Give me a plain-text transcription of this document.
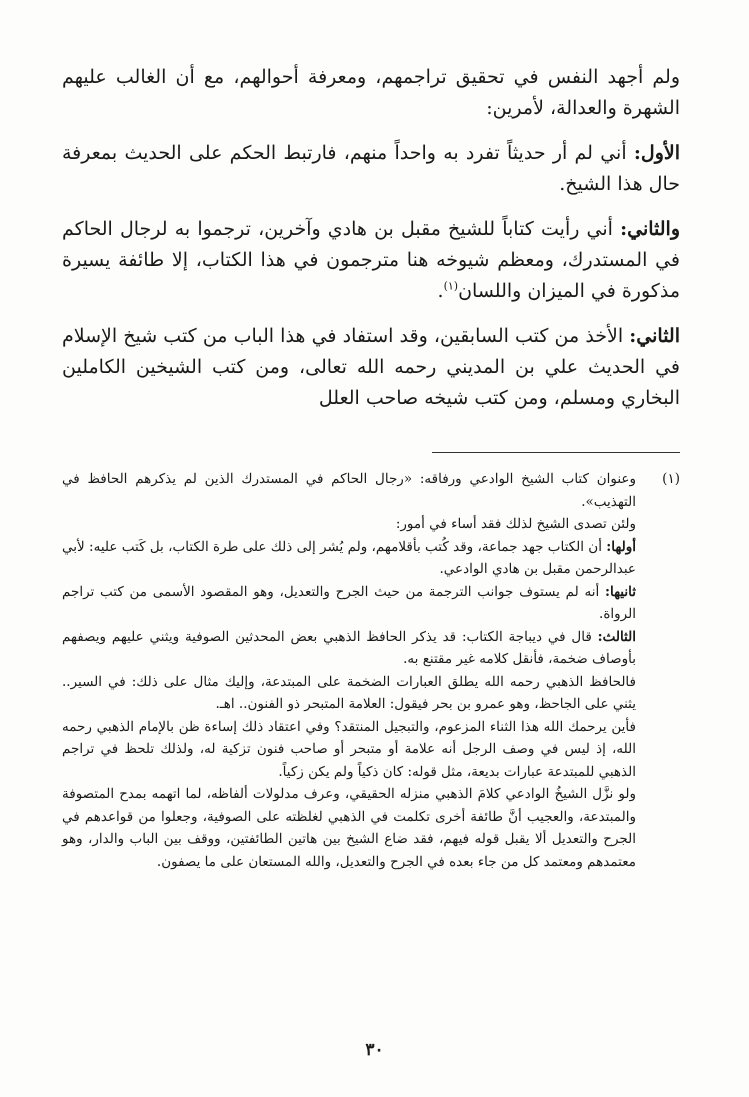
ولم أجهد النفس في تحقيق تراجمهم، ومعرفة أحوالهم، مع أن الغالب عليهم الشهرة والعدالة، لأمرين:

الأول: أني لم أر حديثاً تفرد به واحداً منهم، فارتبط الحكم على الحديث بمعرفة حال هذا الشيخ.

والثاني: أني رأيت كتاباً للشيخ مقبل بن هادي وآخرين، ترجموا به لرجال الحاكم في المستدرك، ومعظم شيوخه هنا مترجمون في هذا الكتاب، إلا طائفة يسيرة مذكورة في الميزان واللسان$^{(١)}$.

الثاني: الأخذ من كتب السابقين، وقد استفاد في هذا الباب من كتب شيخ الإسلام في الحديث علي بن المديني رحمه الله تعالى، ومن كتب الشيخين الكاملين البخاري ومسلم، ومن كتب شيخه صاحب العلل

(١)
وعنوان كتاب الشيخ الوادعي ورفاقه: «رجال الحاكم في المستدرك الذين لم يذكرهم الحافظ في التهذيب».

ولئن تصدى الشيخ لذلك فقد أساء في أمور:

أولها: أن الكتاب جهد جماعة، وقد كُتب بأقلامهم، ولم يُشر إلى ذلك على طرة الكتاب، بل كَتب عليه: لأبي عبدالرحمن مقبل بن هادي الوادعي.

ثانيها: أنه لم يستوف جوانب الترجمة من حيث الجرح والتعديل، وهو المقصود الأسمى من كتب تراجم الرواة.

الثالث: قال في ديباجة الكتاب: قد يذكر الحافظ الذهبي بعض المحدثين الصوفية ويثني عليهم ويصفهم بأوصاف ضخمة، فأنقل كلامه غير مقتنع به.

فالحافظ الذهبي رحمه الله يطلق العبارات الضخمة على المبتدعة، وإليك مثال على ذلك: في السير.. يثني على الجاحظ، وهو عمرو بن بحر فيقول: العلامة المتبحر ذو الفنون.. اهـ.

فأين يرحمك الله هذا الثناء المزعوم، والتبجيل المنتقد؟ وفي اعتقاد ذلك إساءة ظن بالإمام الذهبي رحمه الله، إذ ليس في وصف الرجل أنه علامة أو متبحر أو صاحب فنون تزكية له، ولذلك تلحظ في تراجم الذهبي للمبتدعة عبارات بديعة، مثل قوله: كان ذكياً ولم يكن زكياً.

ولو نزَّل الشيخُ الوادعي كلامَ الذهبي منزله الحقيقي، وعرف مدلولات ألفاظه، لما اتهمه بمدح المتصوفة والمبتدعة، والعجيب أنَّ طائفة أخرى تكلمت في الذهبي لغلظته على الصوفية، وجعلوا من قواعدهم في الجرح والتعديل ألا يقبل قوله فيهم، فقد ضاع الشيخ بين هاتين الطائفتين، ووقف بين الباب والدار، وهو معتمدهم ومعتمد كل من جاء بعده في الجرح والتعديل، والله المستعان على ما يصفون.

٣٠
